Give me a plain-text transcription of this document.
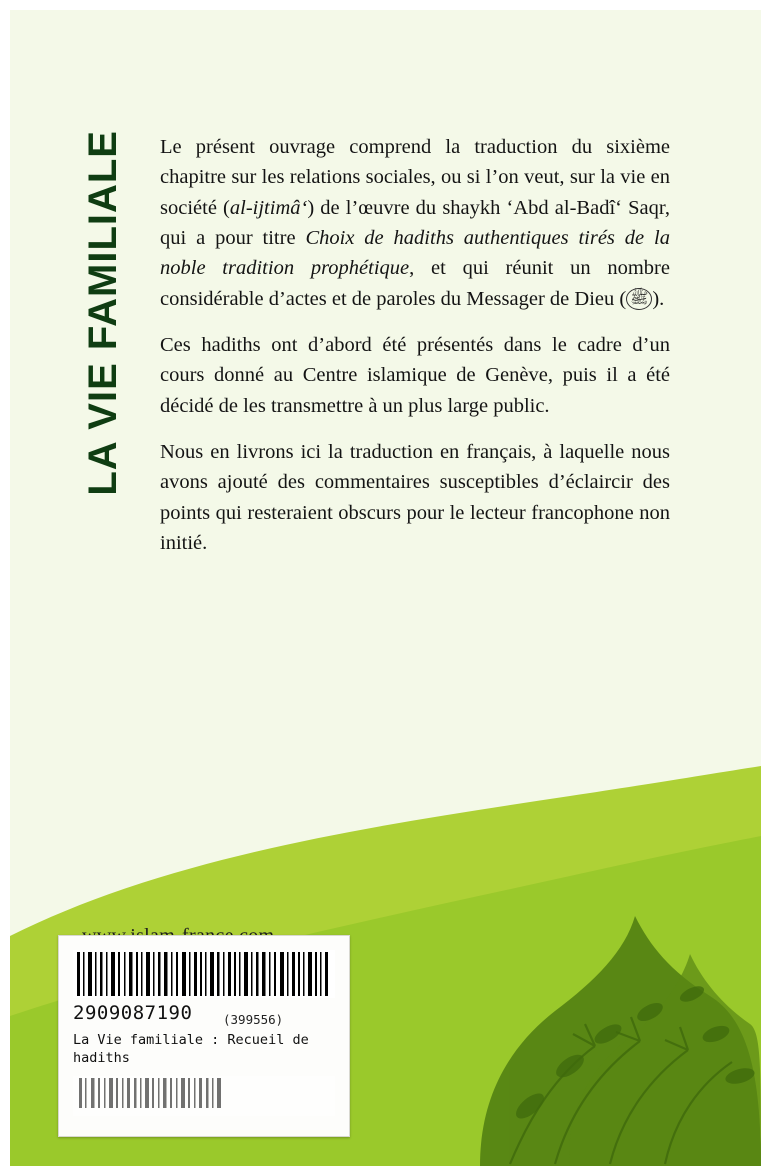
LA VIE FAMILIALE Le présent ouvrage comprend la traduction du sixième chapitre sur les relations sociales, ou si l’on veut, sur la vie en société (al-ijtimâ‘) de l’œuvre du shaykh ‘Abd al-Badî‘ Saqr, qui a pour titre Choix de hadiths authentiques tirés de la noble tradition prophétique, et qui réunit un nombre considérable d’actes et de paroles du Messager de Dieu ( ﷺ ).

Ces hadiths ont d’abord été présentés dans le cadre d’un cours donné au Centre islamique de Genève, puis il a été décidé de les transmettre à un plus large public.

Nous en livrons ici la traduction en français, à laquelle nous avons ajouté des commentaires susceptibles d’éclaircir des points qui resteraient obscurs pour le lecteur francophone non initié.

2909087190 (399556)
La Vie familiale : Recueil de
hadiths
